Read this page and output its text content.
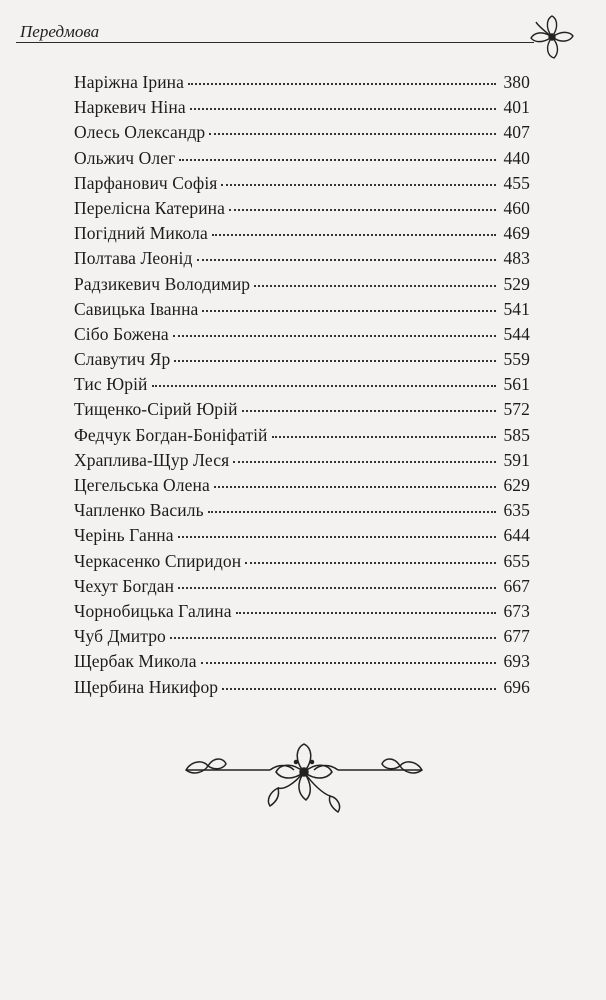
Передмова
Наріжна Ірина	380
Наркевич Ніна	401
Олесь Олександр	407
Ольжич Олег	440
Парфанович Софія	455
Перелісна Катерина	460
Погідний Микола	469
Полтава Леонід	483
Радзикевич Володимир	529
Савицька Іванна	541
Сібо Божена	544
Славутич Яр	559
Тис Юрій	561
Тищенко-Сірий Юрій	572
Федчук Богдан-Боніфатій	585
Храплива-Щур Леся	591
Цегельська Олена	629
Чапленко Василь	635
Черінь Ганна	644
Черкасенко Спиридон	655
Чехут Богдан	667
Чорнобицька Галина	673
Чуб Дмитро	677
Щербак Микола	693
Щербина Никифор	696
